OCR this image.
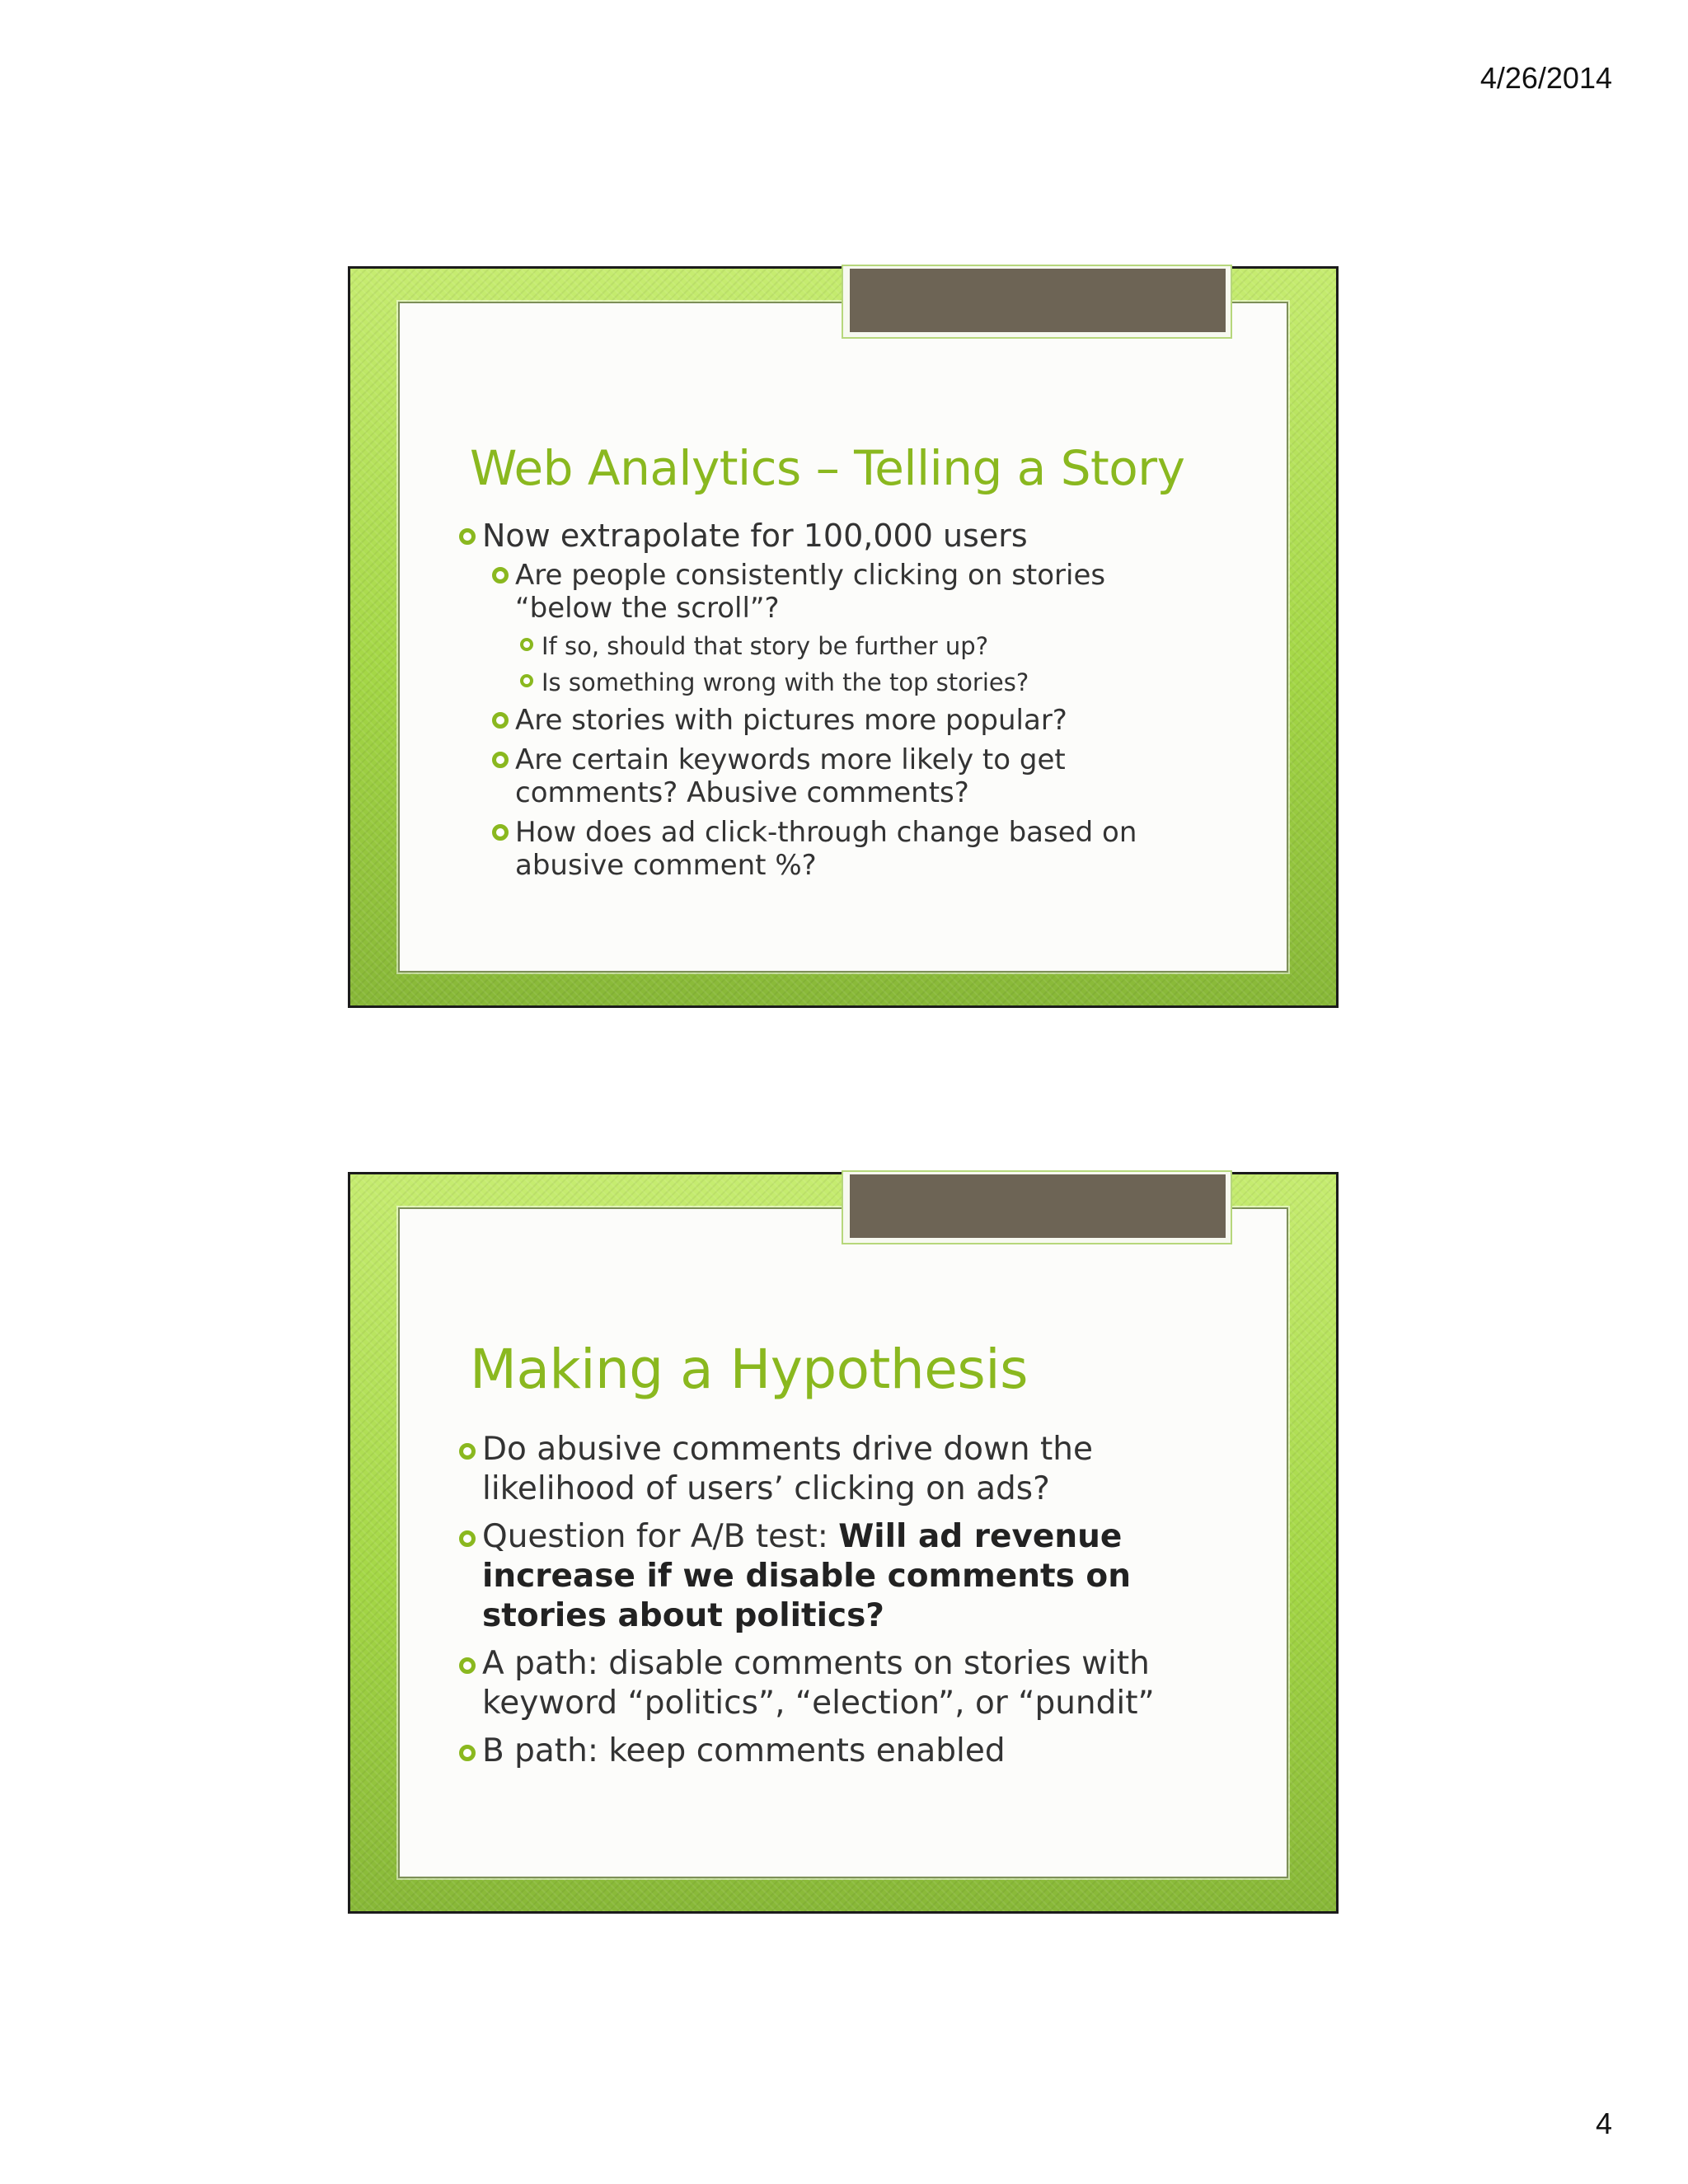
4/26/2014
Web Analytics – Telling a Story
Now extrapolate for 100,000 users
Are people consistently clicking on stories “below the scroll”?
If so, should that story be further up?
Is something wrong with the top stories?
Are stories with pictures more popular?
Are certain keywords more likely to get comments? Abusive comments?
How does ad click-through change based on abusive comment %?
Making a Hypothesis
Do abusive comments drive down the likelihood of users’ clicking on ads?
Question for A/B test: Will ad revenue increase if we disable comments on stories about politics?
A path: disable comments on stories with keyword “politics”, “election”, or “pundit”
B path: keep comments enabled
4
